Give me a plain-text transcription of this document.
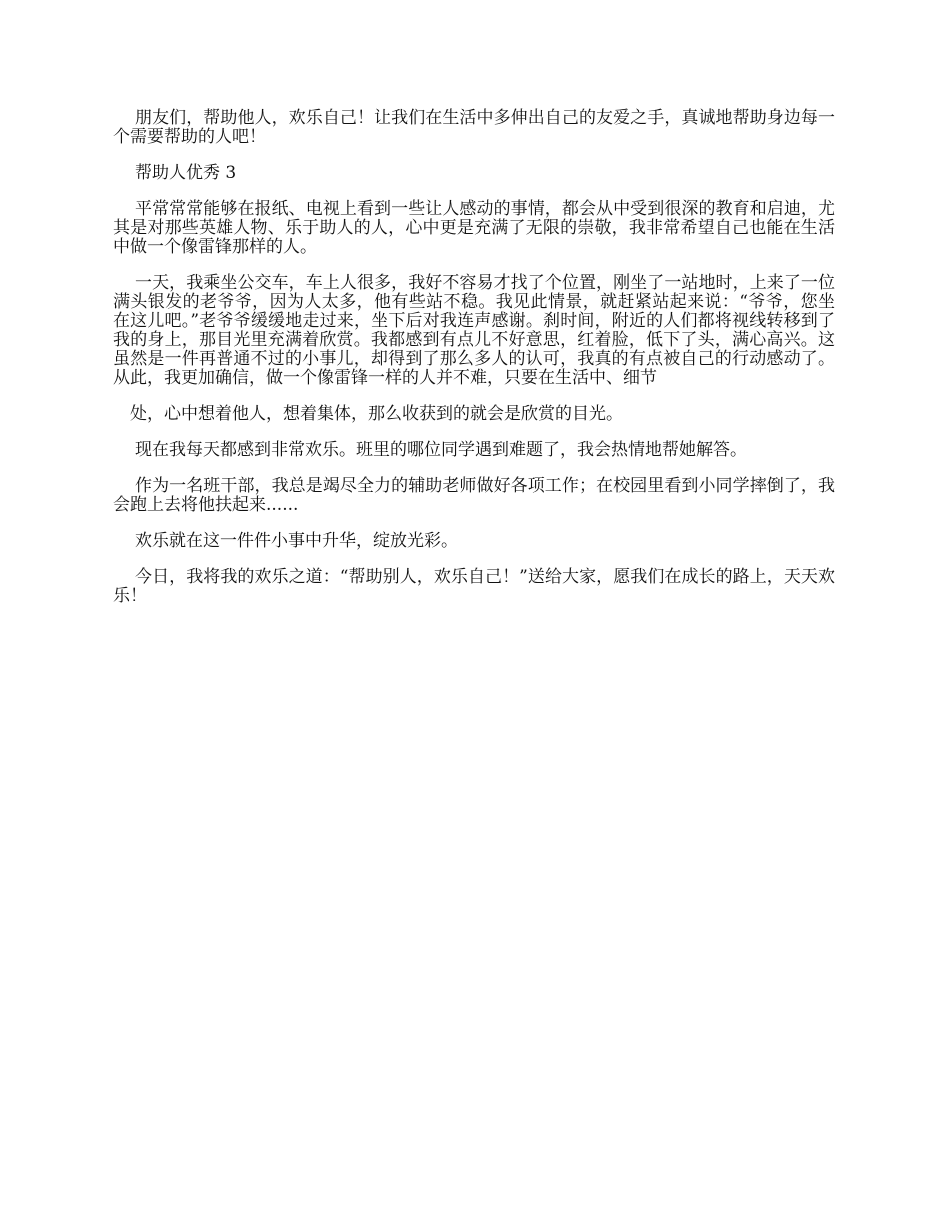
朋友们，帮助他人，欢乐自己！让我们在生活中多伸出自己的友爱之手，真诚地帮助身边每一个需要帮助的人吧！

帮助人优秀 3

平常常常能够在报纸、电视上看到一些让人感动的事情，都会从中受到很深的教育和启迪，尤其是对那些英雄人物、乐于助人的人，心中更是充满了无限的崇敬，我非常希望自己也能在生活中做一个像雷锋那样的人。

一天，我乘坐公交车，车上人很多，我好不容易才找了个位置，刚坐了一站地时，上来了一位满头银发的老爷爷，因为人太多，他有些站不稳。我见此情景，就赶紧站起来说：“爷爷，您坐在这儿吧。”老爷爷缓缓地走过来，坐下后对我连声感谢。刹时间，附近的人们都将视线转移到了我的身上，那目光里充满着欣赏。我都感到有点儿不好意思，红着脸，低下了头，满心高兴。这虽然是一件再普通不过的小事儿，却得到了那么多人的认可，我真的有点被自己的行动感动了。从此，我更加确信，做一个像雷锋一样的人并不难，只要在生活中、细节

处，心中想着他人，想着集体，那么收获到的就会是欣赏的目光。

现在我每天都感到非常欢乐。班里的哪位同学遇到难题了，我会热情地帮她解答。

作为一名班干部，我总是竭尽全力的辅助老师做好各项工作；在校园里看到小同学摔倒了，我会跑上去将他扶起来......

欢乐就在这一件件小事中升华，绽放光彩。

今日，我将我的欢乐之道：“帮助别人，欢乐自己！”送给大家，愿我们在成长的路上，天天欢乐！
